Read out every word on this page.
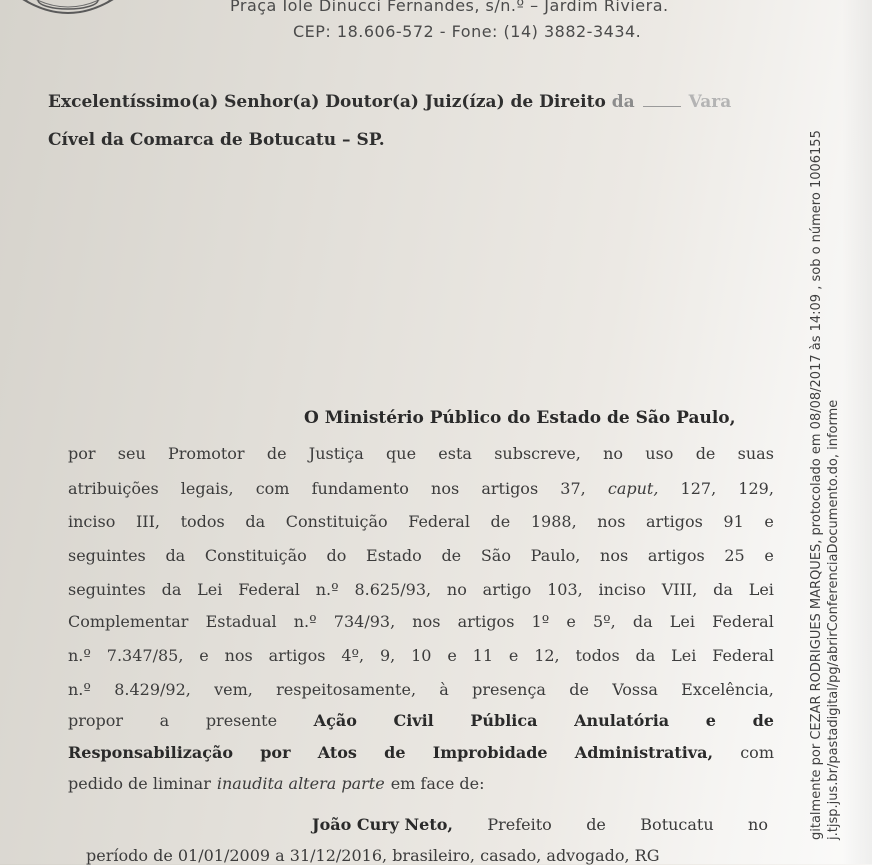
Praça Iole Dinucci Fernandes, s/n.º – Jardim Riviera.
CEP: 18.606-572 - Fone: (14) 3882-3434.
Excelentíssimo(a) Senhor(a) Doutor(a) Juiz(íza) de Direito da	Vara
Cível da Comarca de Botucatu – SP.
O Ministério Público do Estado de São Paulo,
por seu Promotor de Justiça que esta subscreve, no uso de suas
atribuições legais, com fundamento nos artigos 37, caput, 127, 129,
inciso III, todos da Constituição Federal de 1988, nos artigos 91 e
seguintes da Constituição do Estado de São Paulo, nos artigos 25 e
seguintes da Lei Federal n.º 8.625/93, no artigo 103, inciso VIII, da Lei
Complementar Estadual n.º 734/93, nos artigos 1º e 5º, da Lei Federal
n.º 7.347/85, e nos artigos 4º, 9, 10 e 11 e 12, todos da Lei Federal
n.º 8.429/92, vem, respeitosamente, à presença de Vossa Excelência,
propor a presente Ação Civil Pública Anulatória e de
Responsabilização por Atos de Improbidade Administrativa, com
pedido de liminar inaudita altera parte em face de:
João Cury Neto, Prefeito de Botucatu no
período de 01/01/2009 a 31/12/2016, brasileiro, casado, advogado, RG
gitalmente por CEZAR RODRIGUES MARQUES, protocolado em 08/08/2017 às 14:09 , sob o número 1006155 j.tjsp.jus.br/pastadigital/pg/abrirConferenciaDocumento.do, informe
